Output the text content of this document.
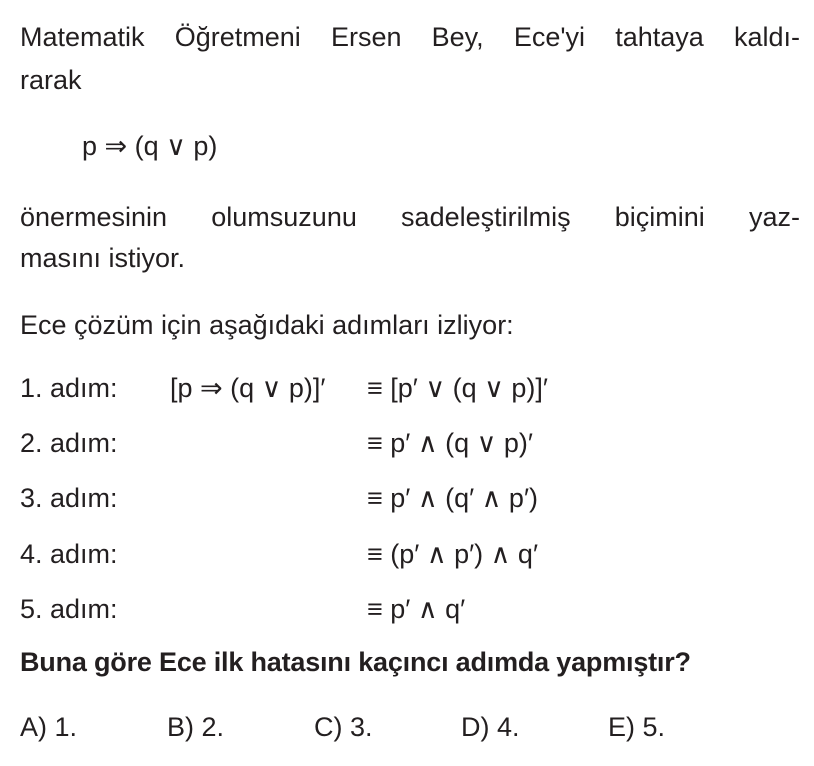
Matematik Öğretmeni Ersen Bey, Ece'yi tahtaya kaldı-
rarak
p ⇒ (q ∨ p)
önermesinin olumsuzunu sadeleştirilmiş biçimini yaz-
masını istiyor.
Ece çözüm için aşağıdaki adımları izliyor:
1. adım: [p ⇒ (q ∨ p)]′ ≡ [p′ ∨ (q ∨ p)]′
2. adım:	≡ p′ ∧ (q ∨ p)′
3. adım:	≡ p′ ∧ (q′ ∧ p′)
4. adım:	≡ (p′ ∧ p′) ∧ q′
5. adım:	≡ p′ ∧ q′
Buna göre Ece ilk hatasını kaçıncı adımda yapmıştır?
A) 1.	B) 2.	C) 3.	D) 4.	E) 5.
